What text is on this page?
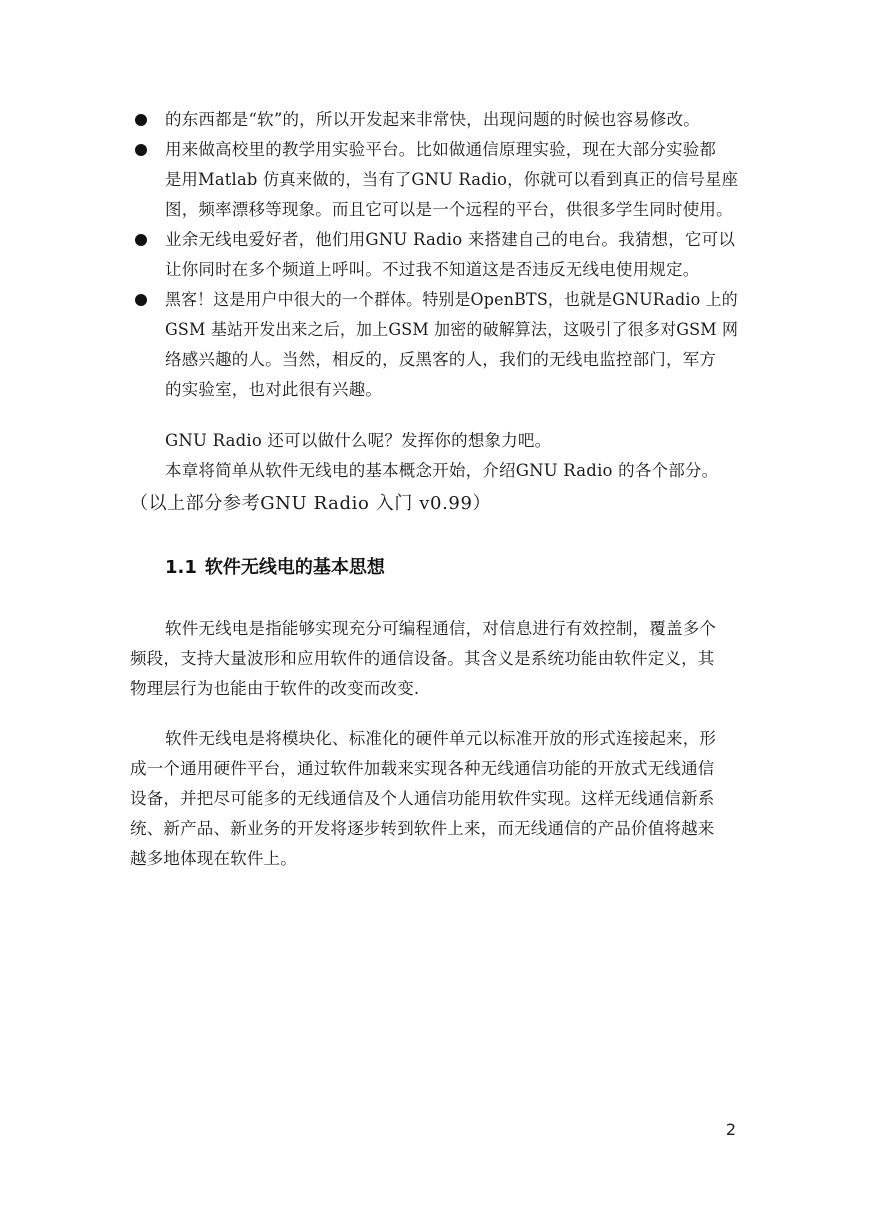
的东西都是“软”的，所以开发起来非常快，出现问题的时候也容易修改。
用来做高校里的教学用实验平台。比如做通信原理实验，现在大部分实验都
是用Matlab 仿真来做的，当有了GNU Radio，你就可以看到真正的信号星座
图，频率漂移等现象。而且它可以是一个远程的平台，供很多学生同时使用。
业余无线电爱好者，他们用GNU Radio 来搭建自己的电台。我猜想，它可以
让你同时在多个频道上呼叫。不过我不知道这是否违反无线电使用规定。
黑客！这是用户中很大的一个群体。特别是OpenBTS，也就是GNURadio 上的
GSM 基站开发出来之后，加上GSM 加密的破解算法，这吸引了很多对GSM 网
络感兴趣的人。当然，相反的，反黑客的人，我们的无线电监控部门，军方
的实验室，也对此很有兴趣。
GNU Radio 还可以做什么呢？发挥你的想象力吧。
本章将简单从软件无线电的基本概念开始，介绍GNU Radio 的各个部分。
（以上部分参考GNU Radio 入门 v0.99）
1.1 软件无线电的基本思想
软件无线电是指能够实现充分可编程通信，对信息进行有效控制，覆盖多个
频段，支持大量波形和应用软件的通信设备。其含义是系统功能由软件定义，其
物理层行为也能由于软件的改变而改变.
软件无线电是将模块化、标准化的硬件单元以标准开放的形式连接起来，形
成一个通用硬件平台，通过软件加载来实现各种无线通信功能的开放式无线通信
设备，并把尽可能多的无线通信及个人通信功能用软件实现。这样无线通信新系
统、新产品、新业务的开发将逐步转到软件上来，而无线通信的产品价值将越来
越多地体现在软件上。
2
